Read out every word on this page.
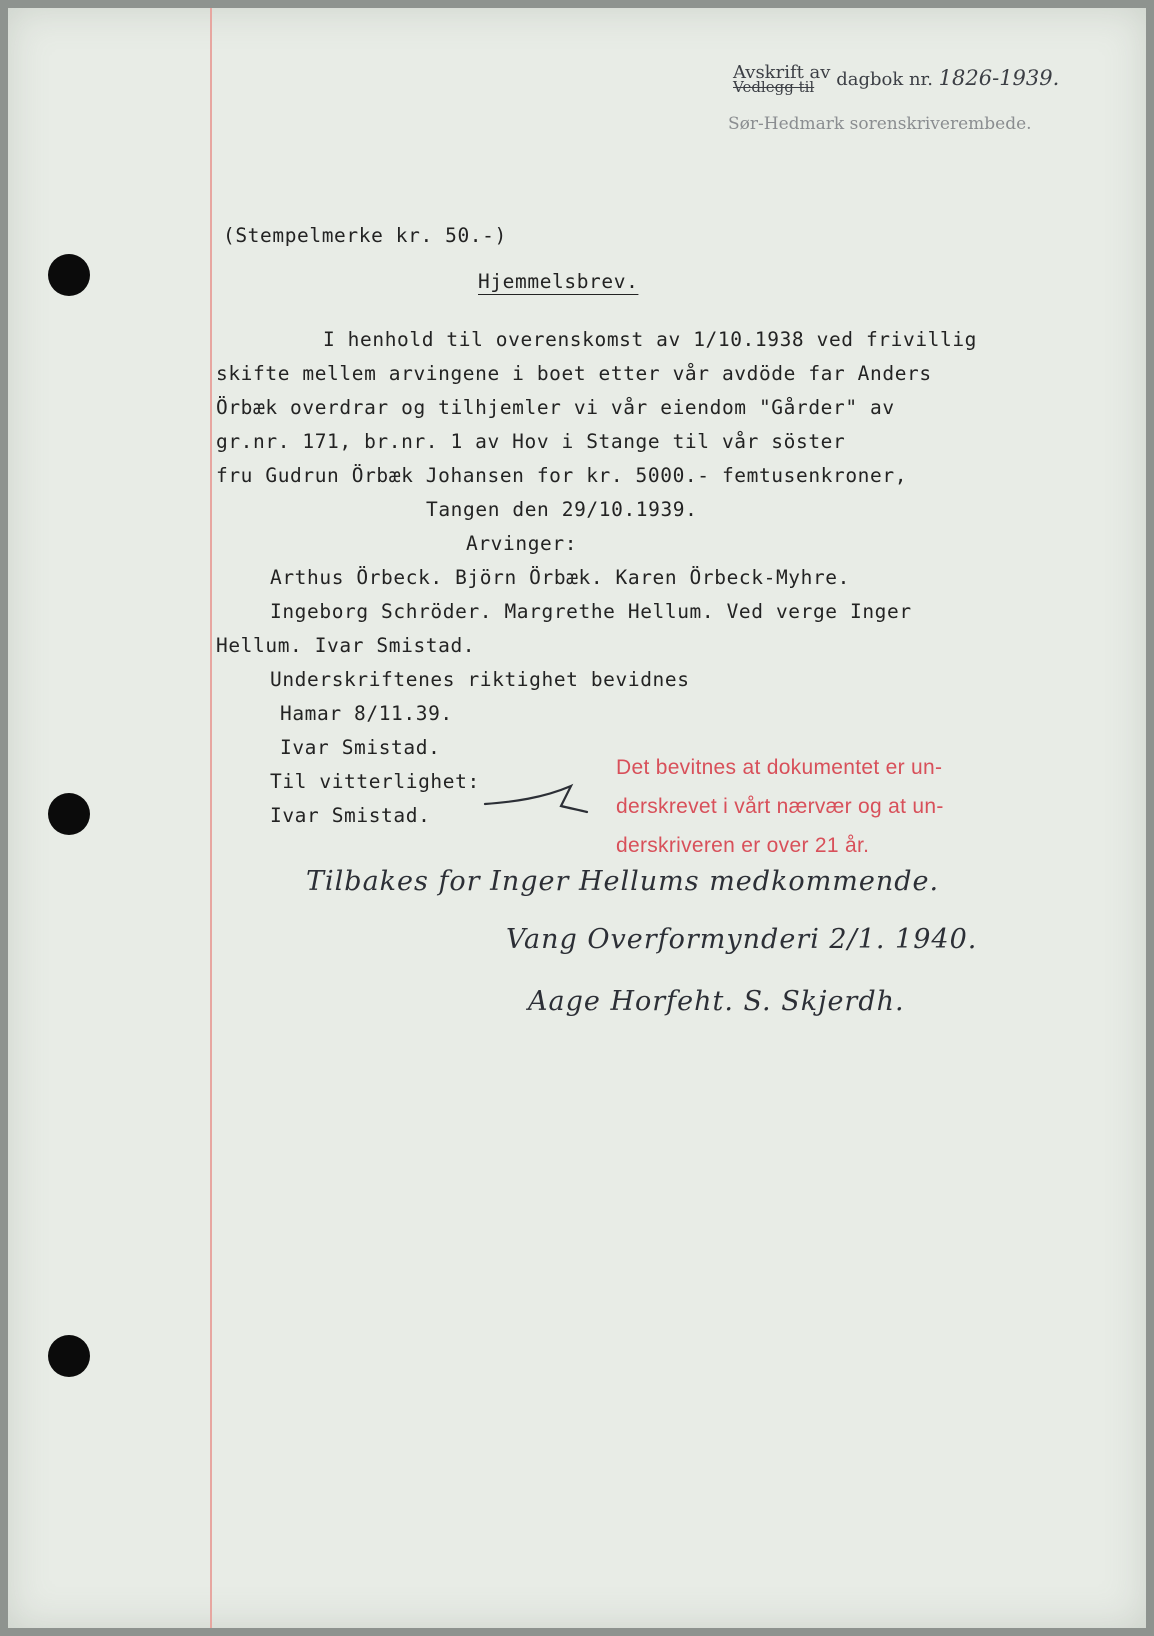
Avskrift av
Vedlegg til	dagbok nr. 1826-1939.
Sør-Hedmark sorenskriverembede.
(Stempelmerke kr. 50.-)
Hjemmelsbrev.
I henhold til overenskomst av 1/10.1938 ved frivillig
skifte mellem arvingene i boet etter vår avdöde far Anders
Örbæk overdrar og tilhjemler vi vår eiendom "Gårder" av
gr.nr. 171, br.nr. 1 av Hov i Stange til vår söster
fru Gudrun Örbæk Johansen for kr. 5000.- femtusenkroner,
Tangen den 29/10.1939.
Arvinger:
Arthus Örbeck. Björn Örbæk. Karen Örbeck-Myhre.
Ingeborg Schröder. Margrethe Hellum. Ved verge Inger
Hellum. Ivar Smistad.
Underskriftenes riktighet bevidnes
Hamar 8/11.39.
Ivar Smistad.
Til vitterlighet:
Ivar Smistad.
Det bevitnes at dokumentet er un-
derskrevet i vårt nærvær og at un-
derskriveren er over 21 år.
Tilbakes for Inger Hellums medkommende.
Vang Overformynderi 2/1. 1940.
Aage Horfeht. S. Skjerdh.
